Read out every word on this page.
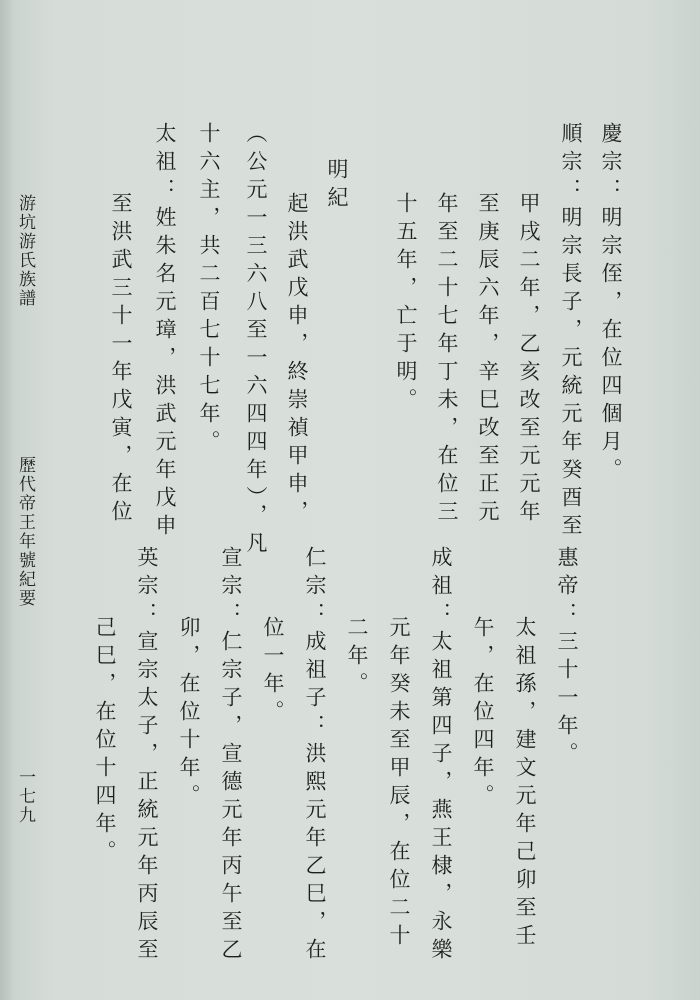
游坑游氏族譜
歷代帝王年號紀要
一七九
慶宗：明宗侄，在位四個月。
順宗：明宗長子，元統元年癸酉至
甲戌二年，乙亥改至元元年
至庚辰六年，辛巳改至正元
年至二十七年丁未，在位三
十五年，亡于明。
明紀
起洪武戊申，終崇禎甲申，
（公元一三六八至一六四四年），凡
十六主，共二百七十七年。
太祖：姓朱名元璋，洪武元年戊申
至洪武三十一年戊寅，在位
惠帝：三十一年。
太祖孫，建文元年己卯至壬
午，在位四年。
成祖：太祖第四子，燕王棣，永樂
元年癸未至甲辰，在位二十
二年。
仁宗：成祖子：洪熙元年乙巳，在
位一年。
宣宗：仁宗子，宣德元年丙午至乙
卯，在位十年。
英宗：宣宗太子，正統元年丙辰至
己巳，在位十四年。
